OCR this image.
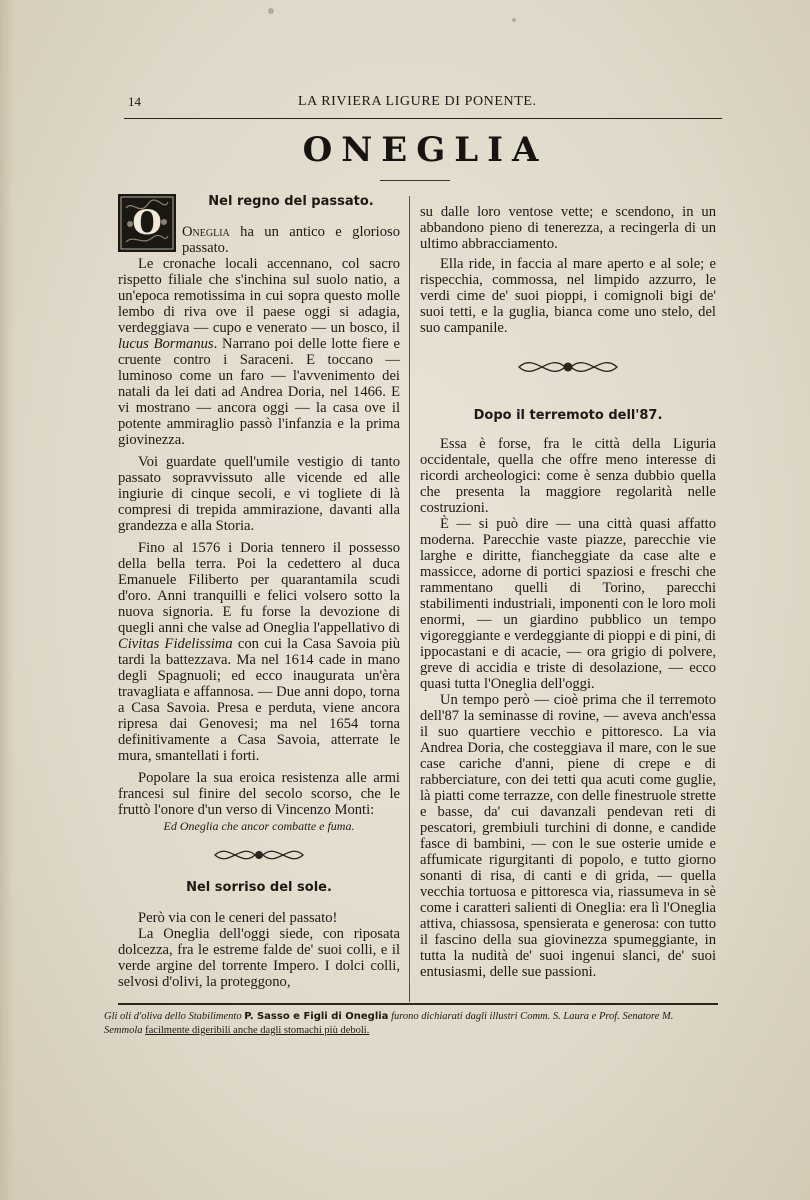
14	LA RIVIERA LIGURE DI PONENTE.
ONEGLIA
O

Nel regno del passato.

Oneglia ha un antico e glorioso passato.

Le cronache locali accennano, col sacro rispetto filiale che s'inchina sul suolo natio, a un'epoca remotissima in cui sopra questo molle lembo di riva ove il paese oggi si adagia, verdeggiava — cupo e venerato — un bosco, il lucus Bormanus. Narrano poi delle lotte fiere e cruente contro i Saraceni. E toccano — luminoso come un faro — l'avvenimento dei natali da lei dati ad Andrea Doria, nel 1466. E vi mostrano — ancora oggi — la casa ove il potente ammiraglio passò l'infanzia e la prima giovinezza.

Voi guardate quell'umile vestigio di tanto passato sopravvissuto alle vicende ed alle ingiurie di cinque secoli, e vi togliete di là compresi di trepida ammirazione, davanti alla grandezza e alla Storia.

Fino al 1576 i Doria tennero il possesso della bella terra. Poi la cedettero al duca Emanuele Filiberto per quarantamila scudi d'oro. Anni tranquilli e felici volsero sotto la nuova signoria. E fu forse la devozione di quegli anni che valse ad Oneglia l'appellativo di Civitas Fidelissima con cui la Casa Savoia più tardi la battezzava. Ma nel 1614 cade in mano degli Spagnuoli; ed ecco inaugurata un'èra travagliata e affannosa. — Due anni dopo, torna a Casa Savoia. Presa e perduta, viene ancora ripresa dai Genovesi; ma nel 1654 torna definitivamente a Casa Savoia, atterrate le mura, smantellati i forti.

Popolare la sua eroica resistenza alle armi francesi sul finire del secolo scorso, che le fruttò l'onore d'un verso di Vincenzo Monti:

Ed Oneglia che ancor combatte e fuma.

Nel sorriso del sole.

Però via con le ceneri del passato!

La Oneglia dell'oggi siede, con riposata dolcezza, fra le estreme falde de' suoi colli, e il verde argine del torrente Impero. I dolci colli, selvosi d'olivi, la proteggono,

su dalle loro ventose vette; e scendono, in un abbandono pieno di tenerezza, a recingerla di un ultimo abbracciamento.

Ella ride, in faccia al mare aperto e al sole; e rispecchia, commossa, nel limpido azzurro, le verdi cime de' suoi pioppi, i comignoli bigi de' suoi tetti, e la guglia, bianca come uno stelo, del suo campanile.

Dopo il terremoto dell'87.

Essa è forse, fra le città della Liguria occidentale, quella che offre meno interesse di ricordi archeologici: come è senza dubbio quella che presenta la maggiore regolarità nelle costruzioni.

È — si può dire — una città quasi affatto moderna. Parecchie vaste piazze, parecchie vie larghe e diritte, fiancheggiate da case alte e massicce, adorne di portici spaziosi e freschi che rammentano quelli di Torino, parecchi stabilimenti industriali, imponenti con le loro moli enormi, — un giardino pubblico un tempo vigoreggiante e verdeggiante di pioppi e di pini, di ippocastani e di acacie, — ora grigio di polvere, greve di accidia e triste di desolazione, — ecco quasi tutta l'Oneglia dell'oggi.

Un tempo però — cioè prima che il terremoto dell'87 la seminasse di rovine, — aveva anch'essa il suo quartiere vecchio e pittoresco. La via Andrea Doria, che costeggiava il mare, con le sue case cariche d'anni, piene di crepe e di rabberciature, con dei tetti qua acuti come guglie, là piatti come terrazze, con delle finestruole strette e basse, da' cui davanzali pendevan reti di pescatori, grembiuli turchini di donne, e candide fasce di bambini, — con le sue osterie umide e affumicate rigurgitanti di popolo, e tutto giorno sonanti di risa, di canti e di grida, — quella vecchia tortuosa e pittoresca via, riassumeva in sè come i caratteri salienti di Oneglia: era lì l'Oneglia attiva, chiassosa, spensierata e generosa: con tutto il fascino della sua giovinezza spumeggiante, in tutta la nudità de' suoi ingenui slanci, de' suoi entusiasmi, delle sue passioni.

Gli oli d'oliva dello Stabilimento P. Sasso e Figli di Oneglia furono dichiarati dagli illustri Comm. S. Laura e Prof. Senatore M. Semmola facilmente digeribili anche dagli stomachi più deboli.
